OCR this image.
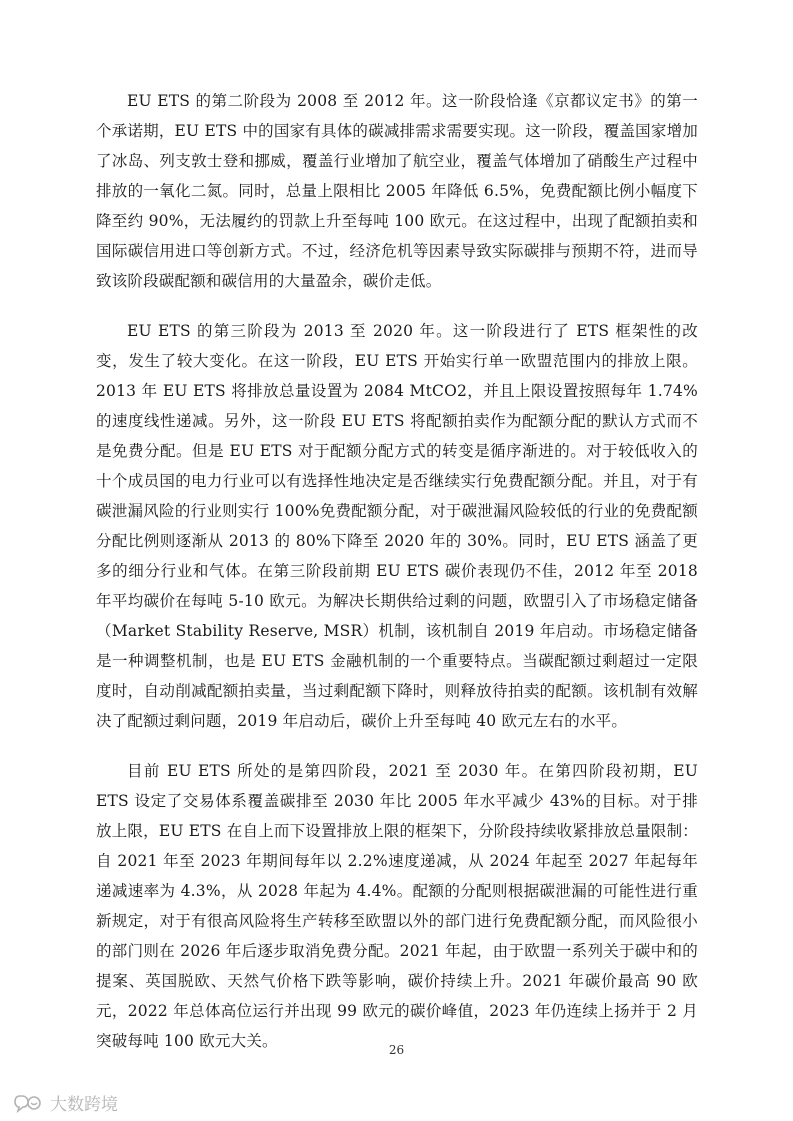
EU ETS 的第二阶段为 2008 至 2012 年。这一阶段恰逢《京都议定书》的第一个承诺期，EU ETS 中的国家有具体的碳减排需求需要实现。这一阶段，覆盖国家增加了冰岛、列支敦士登和挪威，覆盖行业增加了航空业，覆盖气体增加了硝酸生产过程中排放的一氧化二氮。同时，总量上限相比 2005 年降低 6.5%，免费配额比例小幅度下降至约 90%，无法履约的罚款上升至每吨 100 欧元。在这过程中，出现了配额拍卖和国际碳信用进口等创新方式。不过，经济危机等因素导致实际碳排与预期不符，进而导致该阶段碳配额和碳信用的大量盈余，碳价走低。

EU ETS 的第三阶段为 2013 至 2020 年。这一阶段进行了 ETS 框架性的改变，发生了较大变化。在这一阶段，EU ETS 开始实行单一欧盟范围内的排放上限。2013 年 EU ETS 将排放总量设置为 2084 MtCO2，并且上限设置按照每年 1.74% 的速度线性递减。另外，这一阶段 EU ETS 将配额拍卖作为配额分配的默认方式而不是免费分配。但是 EU ETS 对于配额分配方式的转变是循序渐进的。对于较低收入的十个成员国的电力行业可以有选择性地决定是否继续实行免费配额分配。并且，对于有碳泄漏风险的行业则实行 100%免费配额分配，对于碳泄漏风险较低的行业的免费配额分配比例则逐渐从 2013 的 80%下降至 2020 年的 30%。同时，EU ETS 涵盖了更多的细分行业和气体。在第三阶段前期 EU ETS 碳价表现仍不佳，2012 年至 2018 年平均碳价在每吨 5-10 欧元。为解决长期供给过剩的问题，欧盟引入了市场稳定储备（Market Stability Reserve, MSR）机制，该机制自 2019 年启动。市场稳定储备是一种调整机制，也是 EU ETS 金融机制的一个重要特点。当碳配额过剩超过一定限度时，自动削减配额拍卖量，当过剩配额下降时，则释放待拍卖的配额。该机制有效解决了配额过剩问题，2019 年启动后，碳价上升至每吨 40 欧元左右的水平。

目前 EU ETS 所处的是第四阶段，2021 至 2030 年。在第四阶段初期，EU ETS 设定了交易体系覆盖碳排至 2030 年比 2005 年水平减少 43%的目标。对于排放上限，EU ETS 在自上而下设置排放上限的框架下，分阶段持续收紧排放总量限制：自 2021 年至 2023 年期间每年以 2.2%速度递减，从 2024 年起至 2027 年起每年递减速率为 4.3%，从 2028 年起为 4.4%。配额的分配则根据碳泄漏的可能性进行重新规定，对于有很高风险将生产转移至欧盟以外的部门进行免费配额分配，而风险很小的部门则在 2026 年后逐步取消免费分配。2021 年起，由于欧盟一系列关于碳中和的提案、英国脱欧、天然气价格下跌等影响，碳价持续上升。2021 年碳价最高 90 欧元，2022 年总体高位运行并出现 99 欧元的碳价峰值，2023 年仍连续上扬并于 2 月突破每吨 100 欧元大关。	26
大数跨境
